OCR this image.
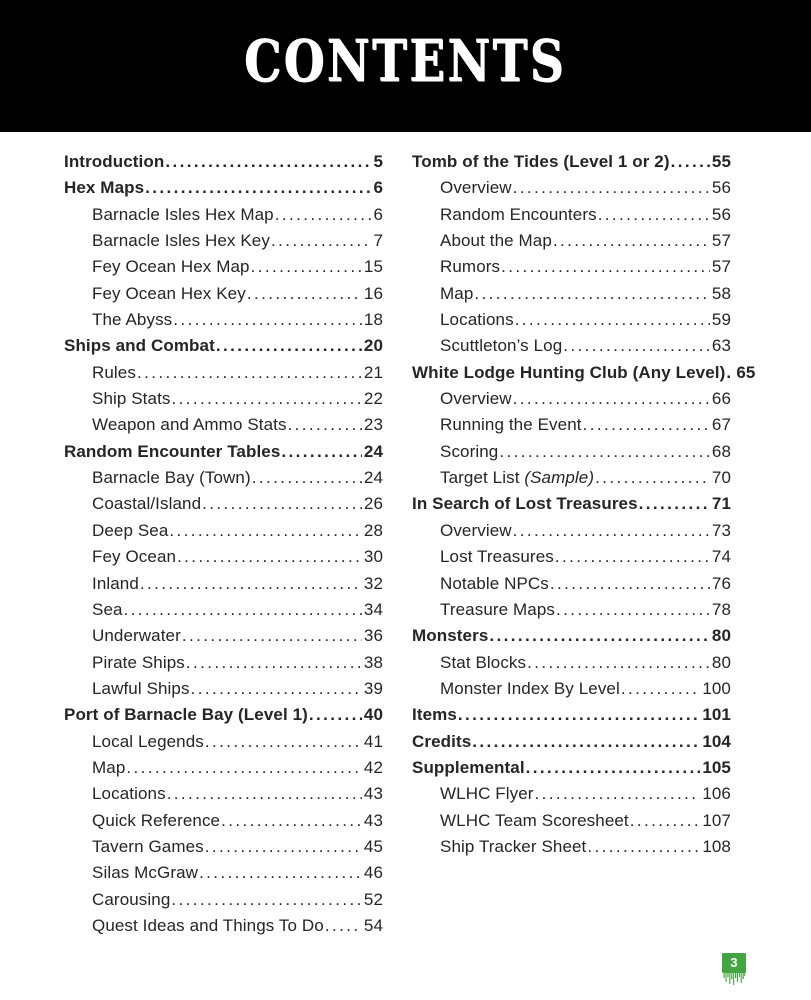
CONTENTS
Introduction .....	5
Hex Maps .....	6
Barnacle Isles Hex Map .....	6
Barnacle Isles Hex Key .....	7
Fey Ocean Hex Map .....	15
Fey Ocean Hex Key .....	16
The Abyss .....	18
Ships and Combat .....	20
Rules .....	21
Ship Stats .....	22
Weapon and Ammo Stats .....	23
Random Encounter Tables .....	24
Barnacle Bay (Town) .....	24
Coastal/Island .....	26
Deep Sea .....	28
Fey Ocean .....	30
Inland .....	32
Sea .....	34
Underwater .....	36
Pirate Ships .....	38
Lawful Ships .....	39
Port of Barnacle Bay (Level 1) .....	40
Local Legends .....	41
Map .....	42
Locations .....	43
Quick Reference .....	43
Tavern Games .....	45
Silas McGraw .....	46
Carousing .....	52
Quest Ideas and Things To Do ..... 54
Tomb of the Tides (Level 1 or 2) ..... 55
Overview .....	56
Random Encounters .....	56
About the Map .....	57
Rumors .....	57
Map .....	58
Locations .....	59
Scuttleton’s Log .....	63
White Lodge Hunting Club (Any Level) ..... 65
Overview .....	66
Running the Event .....	67
Scoring .....	68
Target List (Sample) .....	70
In Search of Lost Treasures .....	71
Overview .....	73
Lost Treasures .....	74
Notable NPCs .....	76
Treasure Maps .....	78
Monsters .....	80
Stat Blocks .....	80
Monster Index By Level .....	100
Items .....	101
Credits .....	104
Supplemental .....	105
WLHC Flyer .....	106
WLHC Team Scoresheet .....	107
Ship Tracker Sheet .....	108
3
